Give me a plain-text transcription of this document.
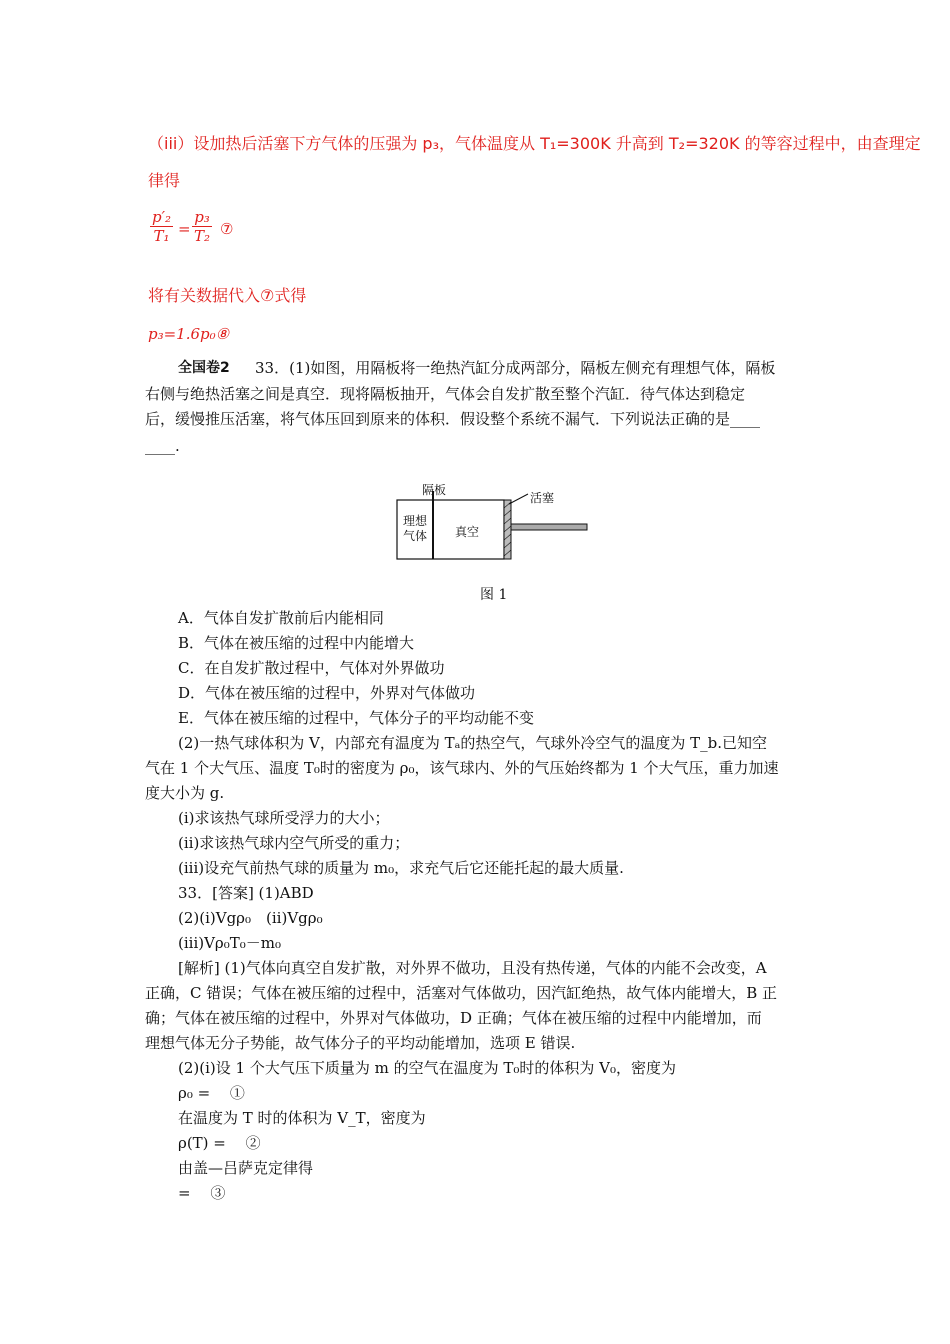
（iii）设加热后活塞下方气体的压强为 p₃，气体温度从 T₁=300K 升高到 T₂=320K 的等容过程中，由查理定
律得
$\frac{\text{p′₂}}{\text{T₁}} = \frac{\text{p₃}}{\text{T₂}}$ ⑦
将有关数据代入⑦式得
p₃=1.6p₀⑧
全国卷2 33．(1)如图，用隔板将一绝热汽缸分成两部分，隔板左侧充有理想气体，隔板
右侧与绝热活塞之间是真空．现将隔板抽开，气体会自发扩散至整个汽缸．待气体达到稳定
后，缓慢推压活塞，将气体压回到原来的体积．假设整个系统不漏气．下列说法正确的是____
____.
隔板
活塞
理想
气体 真空
图 1
A．气体自发扩散前后内能相同
B．气体在被压缩的过程中内能增大
C．在自发扩散过程中，气体对外界做功
D．气体在被压缩的过程中，外界对气体做功
E．气体在被压缩的过程中，气体分子的平均动能不变
(2)一热气球体积为 V，内部充有温度为 Tₐ的热空气，气球外冷空气的温度为 T_b.已知空
气在 1 个大气压、温度 T₀时的密度为 ρ₀，该气球内、外的气压始终都为 1 个大气压，重力加速
度大小为 g.
(ⅰ)求该热气球所受浮力的大小；
(ⅱ)求该热气球内空气所受的重力；
(iii)设充气前热气球的质量为 m₀，求充气后它还能托起的最大质量.
33．[答案] (1)ABD
(2)(ⅰ)Vgρ₀　(ⅱ)Vgρ₀
(iii)Vρ₀T₀－m₀
[解析] (1)气体向真空自发扩散，对外界不做功，且没有热传递，气体的内能不会改变，A
正确，C 错误；气体在被压缩的过程中，活塞对气体做功，因汽缸绝热，故气体内能增大，B 正
确；气体在被压缩的过程中，外界对气体做功，D 正确；气体在被压缩的过程中内能增加，而
理想气体无分子势能，故气体分子的平均动能增加，选项 E 错误.
(2)(ⅰ)设 1 个大气压下质量为 m 的空气在温度为 T₀时的体积为 V₀，密度为
ρ₀ =　 ①
在温度为 T 时的体积为 V_T，密度为
ρ(T) =　 ②
由盖—吕萨克定律得
=　 ③
